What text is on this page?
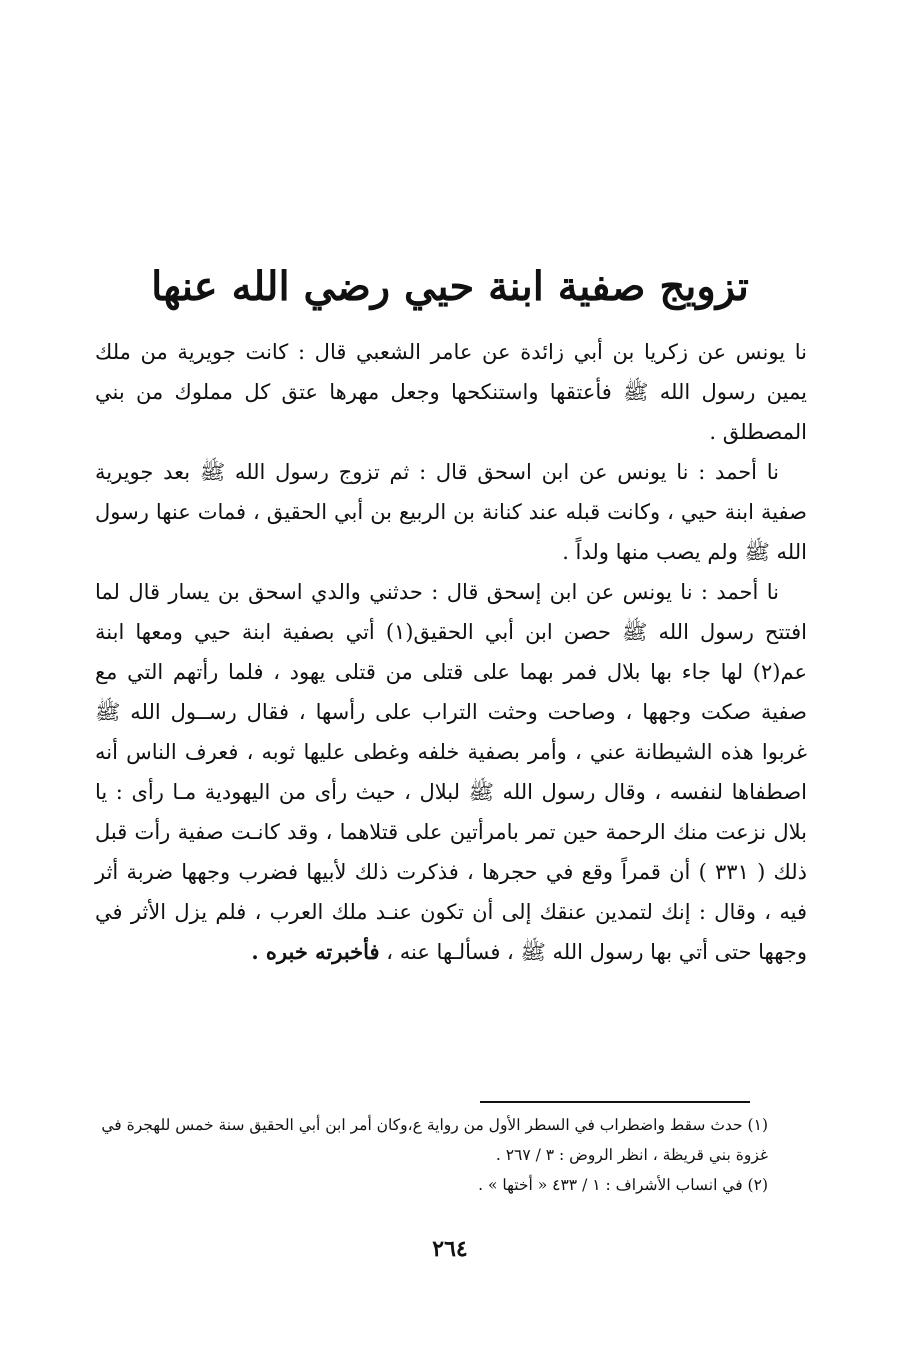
تزويج صفية ابنة حيي رضي الله عنها

نا يونس عن زكريا بن أبي زائدة عن عامر الشعبي قال : كانت جويرية من ملك يمين رسول الله ﷺ فأعتقها واستنكحها وجعل مهرها عتق كل مملوك من بني المصطلق .

نا أحمد : نا يونس عن ابن اسحق قال : ثم تزوج رسول الله ﷺ بعد جويرية صفية ابنة حيي ، وكانت قبله عند كنانة بن الربيع بن أبي الحقيق ، فمات عنها رسول الله ﷺ ولم يصب منها ولداً .

نا أحمد : نا يونس عن ابن إسحق قال : حدثني والدي اسحق بن يسار قال لما افتتح رسول الله ﷺ حصن ابن أبي الحقيق(١) أتي بصفية ابنة حيي ومعها ابنة عم(٢) لها جاء بها بلال فمر بهما على قتلى من قتلى يهود ، فلما رأتهم التي مع صفية صكت وجهها ، وصاحت وحثت التراب على رأسها ، فقال رســول الله ﷺ غربوا هذه الشيطانة عني ، وأمر بصفية خلفه وغطى عليها ثوبه ، فعرف الناس أنه اصطفاها لنفسه ، وقال رسول الله ﷺ لبلال ، حيث رأى من اليهودية مـا رأى : يا بلال نزعت منك الرحمة حين تمر بامرأتين على قتلاهما ، وقد كانـت صفية رأت قبل ذلك ( ٣٣١ ) أن قمراً وقع في حجرها ، فذكرت ذلك لأبيها فضرب وجهها ضربة أثر فيه ، وقال : إنك لتمدين عنقك إلى أن تكون عنـد ملك العرب ، فلم يزل الأثر في وجهها حتى أتي بها رسول الله ﷺ ، فسألـها عنه ، فأخبرته خبره .

(١) حدث سقط واضطراب في السطر الأول من رواية ع،وكان أمر ابن أبي الحقيق سنة خمس للهجرة في غزوة بني قريظة ، انظر الروض : ٣ / ٢٦٧ .

(٢) في انساب الأشراف : ١ / ٤٣٣ « أختها » .

٢٦٤
